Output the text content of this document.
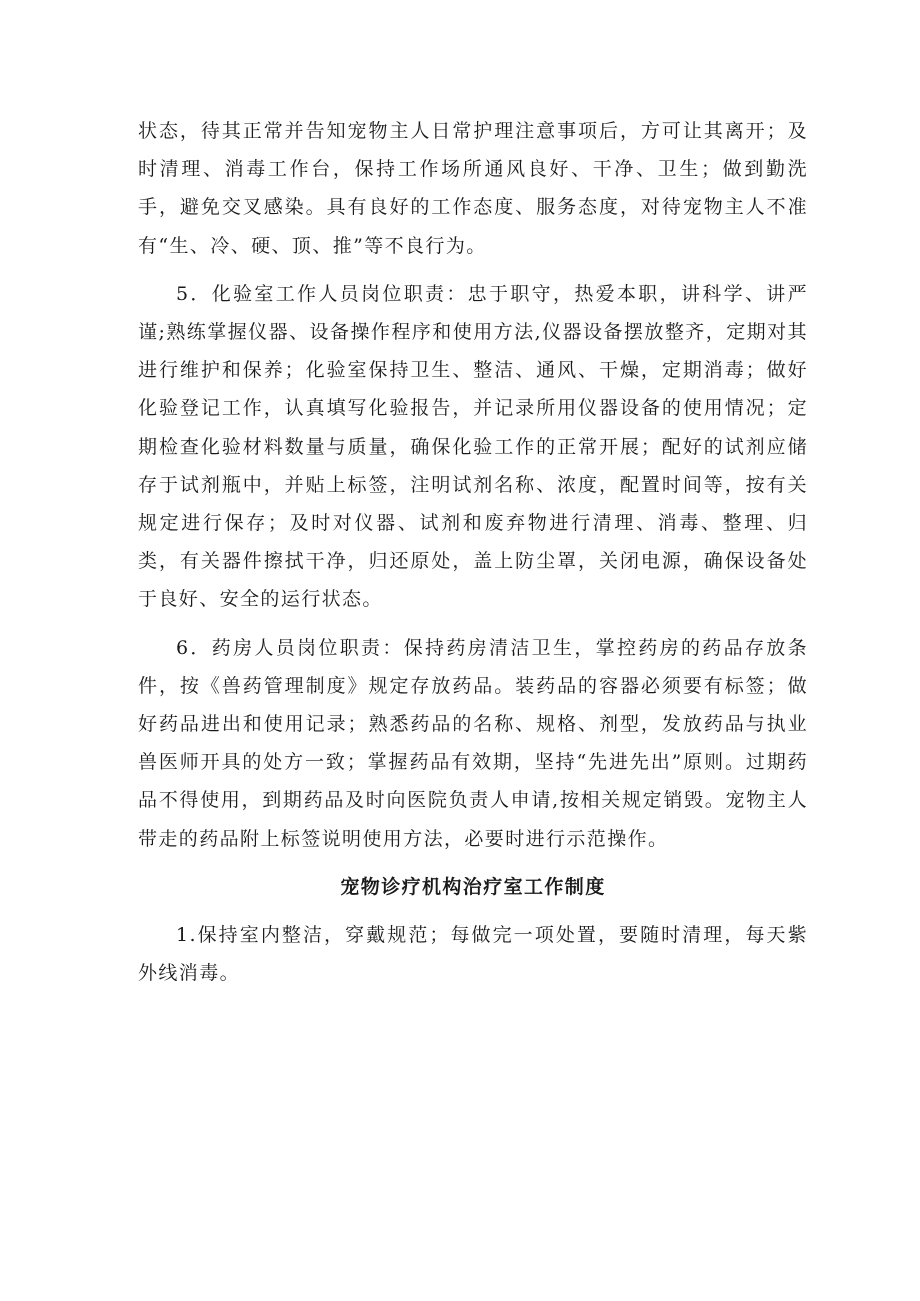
状态，待其正常并告知宠物主人日常护理注意事项后，方可让其离开；及时清理、消毒工作台，保持工作场所通风良好、干净、卫生；做到勤洗手，避免交叉感染。具有良好的工作态度、服务态度，对待宠物主人不准有“生、冷、硬、顶、推”等不良行为。

5．化验室工作人员岗位职责：忠于职守，热爱本职，讲科学、讲严谨;熟练掌握仪器、设备操作程序和使用方法,仪器设备摆放整齐，定期对其进行维护和保养；化验室保持卫生、整洁、通风、干燥，定期消毒；做好化验登记工作，认真填写化验报告，并记录所用仪器设备的使用情况；定期检查化验材料数量与质量，确保化验工作的正常开展；配好的试剂应储存于试剂瓶中，并贴上标签，注明试剂名称、浓度，配置时间等，按有关规定进行保存；及时对仪器、试剂和废弃物进行清理、消毒、整理、归类，有关器件擦拭干净，归还原处，盖上防尘罩，关闭电源，确保设备处于良好、安全的运行状态。

6．药房人员岗位职责：保持药房清洁卫生，掌控药房的药品存放条件，按《兽药管理制度》规定存放药品。装药品的容器必须要有标签；做好药品进出和使用记录；熟悉药品的名称、规格、剂型，发放药品与执业兽医师开具的处方一致；掌握药品有效期，坚持“先进先出”原则。过期药品不得使用，到期药品及时向医院负责人申请,按相关规定销毁。宠物主人带走的药品附上标签说明使用方法，必要时进行示范操作。

宠物诊疗机构治疗室工作制度

1.保持室内整洁，穿戴规范；每做完一项处置，要随时清理，每天紫外线消毒。
